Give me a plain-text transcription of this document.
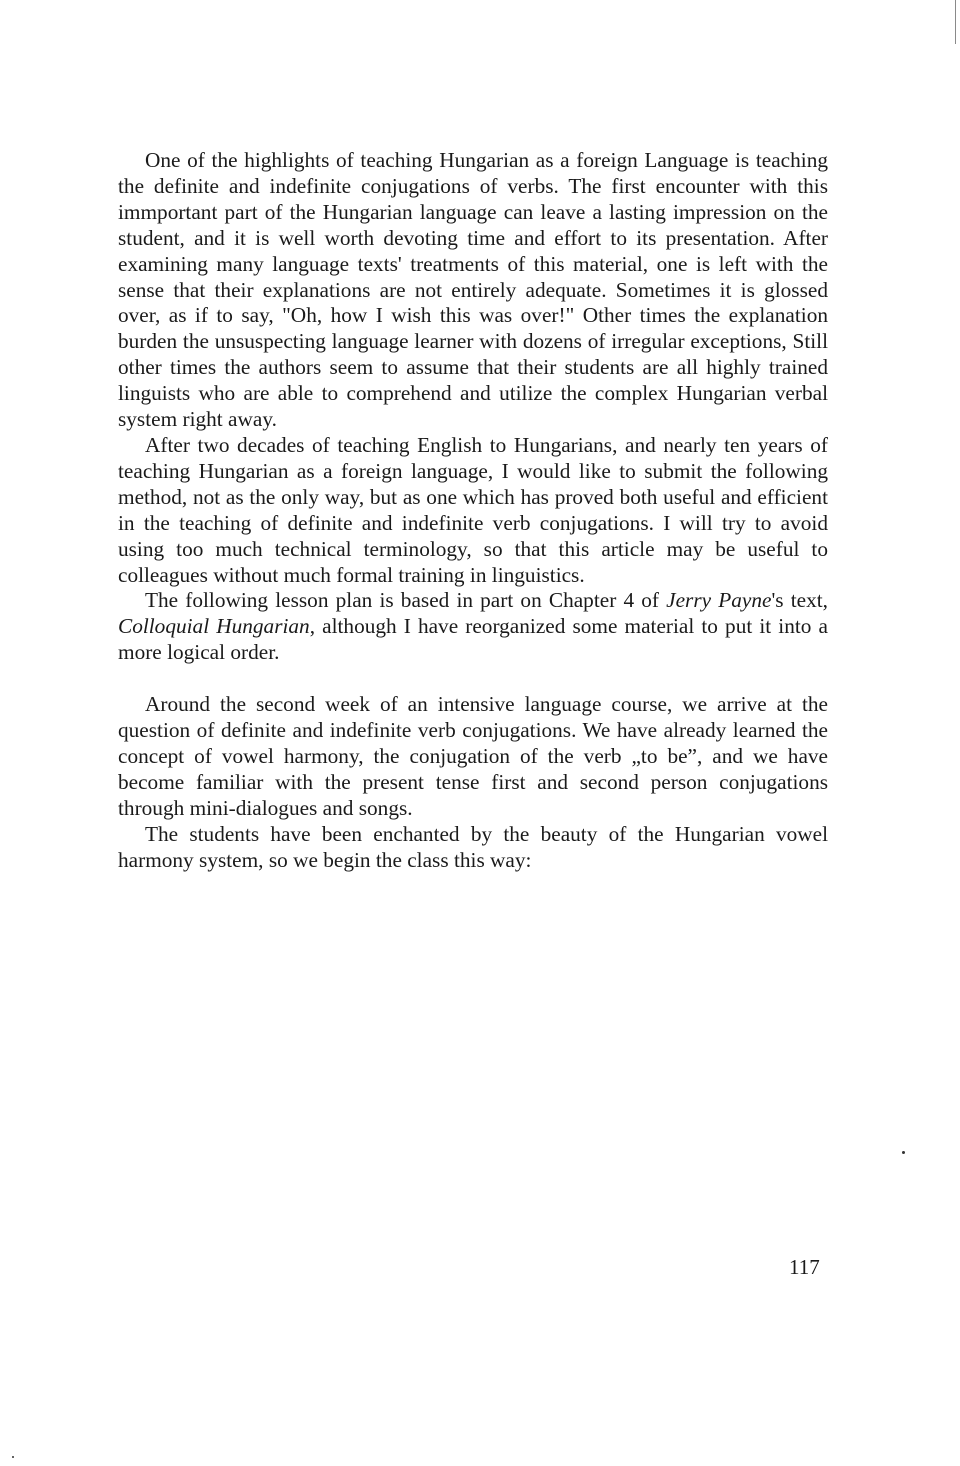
One of the highlights of teaching Hungarian as a foreign Language is teaching the definite and indefinite conjugations of verbs. The first encounter with this immportant part of the Hungarian language can leave a lasting impression on the student, and it is well worth devoting time and effort to its presentation. After examining many language texts' treatments of this material, one is left with the sense that their explanations are not entirely adequate. Sometimes it is glossed over, as if to say, "Oh, how I wish this was over!" Other times the explanation burden the unsuspecting language learner with dozens of irregular exceptions, Still other times the authors seem to assume that their students are all highly trained linguists who are able to comprehend and utilize the complex Hungarian verbal system right away.

After two decades of teaching English to Hungarians, and nearly ten years of teaching Hungarian as a foreign language, I would like to submit the following method, not as the only way, but as one which has proved both useful and efficient in the teaching of definite and indefinite verb conjugations. I will try to avoid using too much technical terminology, so that this article may be useful to colleagues without much formal training in linguistics.

The following lesson plan is based in part on Chapter 4 of Jerry Payne's text, Colloquial Hungarian, although I have reorganized some material to put it into a more logical order.

Around the second week of an intensive language course, we arrive at the question of definite and indefinite verb conjugations. We have already learned the concept of vowel harmony, the conjugation of the verb „to be”, and we have become familiar with the present tense first and second person conjugations through mini-dialogues and songs.

The students have been enchanted by the beauty of the Hungarian vowel harmony system, so we begin the class this way:

117
